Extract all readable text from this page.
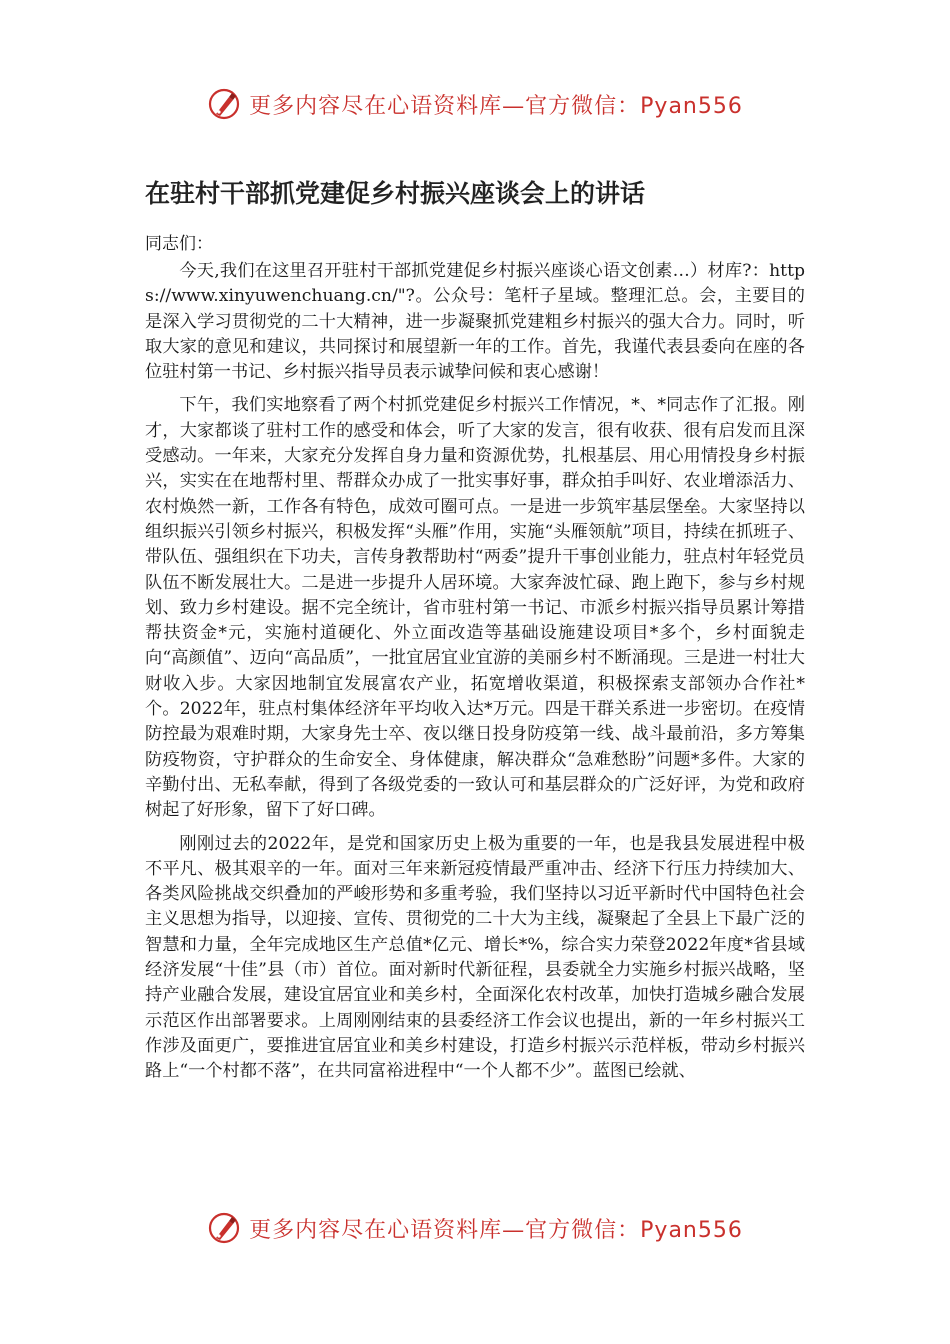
更多内容尽在心语资料库—官方微信：Pyan556
在驻村干部抓党建促乡村振兴座谈会上的讲话

同志们：

今天,我们在这里召开驻村干部抓党建促乡村振兴座谈心语文创素…）材库?：https://www.xinyuwenchuang.cn/"?。公众号：笔杆子星域。整理汇总。会，主要目的是深入学习贯彻党的二十大精神，进一步凝聚抓党建粗乡村振兴的强大合力。同时，听取大家的意见和建议，共同探讨和展望新一年的工作。首先，我谨代表县委向在座的各位驻村第一书记、乡村振兴指导员表示诚挚问候和衷心感谢！

下午，我们实地察看了两个村抓党建促乡村振兴工作情况，*、*同志作了汇报。刚才，大家都谈了驻村工作的感受和体会，听了大家的发言，很有收获、很有启发而且深受感动。一年来，大家充分发挥自身力量和资源优势，扎根基层、用心用情投身乡村振兴，实实在在地帮村里、帮群众办成了一批实事好事，群众拍手叫好、农业增添活力、农村焕然一新，工作各有特色，成效可圈可点。一是进一步筑牢基层堡垒。大家坚持以组织振兴引领乡村振兴，积极发挥“头雁”作用，实施“头雁领航”项目，持续在抓班子、带队伍、强组织在下功夫，言传身教帮助村“两委”提升干事创业能力，驻点村年轻党员队伍不断发展壮大。二是进一步提升人居环境。大家奔波忙碌、跑上跑下，参与乡村规划、致力乡村建设。据不完全统计，省市驻村第一书记、市派乡村振兴指导员累计筹措帮扶资金*元，实施村道硬化、外立面改造等基础设施建设项目*多个，乡村面貌走向“高颜值”、迈向“高品质”，一批宜居宜业宜游的美丽乡村不断涌现。三是进一村壮大财收入步。大家因地制宜发展富农产业，拓宽增收渠道，积极探索支部领办合作社*个。2022年，驻点村集体经济年平均收入达*万元。四是干群关系进一步密切。在疫情防控最为艰难时期，大家身先士卒、夜以继日投身防疫第一线、战斗最前沿，多方筹集防疫物资，守护群众的生命安全、身体健康，解决群众“急难愁盼”问题*多件。大家的辛勤付出、无私奉献，得到了各级党委的一致认可和基层群众的广泛好评，为党和政府树起了好形象，留下了好口碑。

刚刚过去的2022年，是党和国家历史上极为重要的一年，也是我县发展进程中极不平凡、极其艰辛的一年。面对三年来新冠疫情最严重冲击、经济下行压力持续加大、各类风险挑战交织叠加的严峻形势和多重考验，我们坚持以习近平新时代中国特色社会主义思想为指导，以迎接、宣传、贯彻党的二十大为主线，凝聚起了全县上下最广泛的智慧和力量，全年完成地区生产总值*亿元、增长*%，综合实力荣登2022年度*省县域经济发展“十佳”县（市）首位。面对新时代新征程，县委就全力实施乡村振兴战略，坚持产业融合发展，建设宜居宜业和美乡村，全面深化农村改革，加快打造城乡融合发展示范区作出部署要求。上周刚刚结束的县委经济工作会议也提出，新的一年乡村振兴工作涉及面更广，要推进宜居宜业和美乡村建设，打造乡村振兴示范样板，带动乡村振兴路上“一个村都不落”，在共同富裕进程中“一个人都不少”。蓝图已绘就、

更多内容尽在心语资料库—官方微信：Pyan556
